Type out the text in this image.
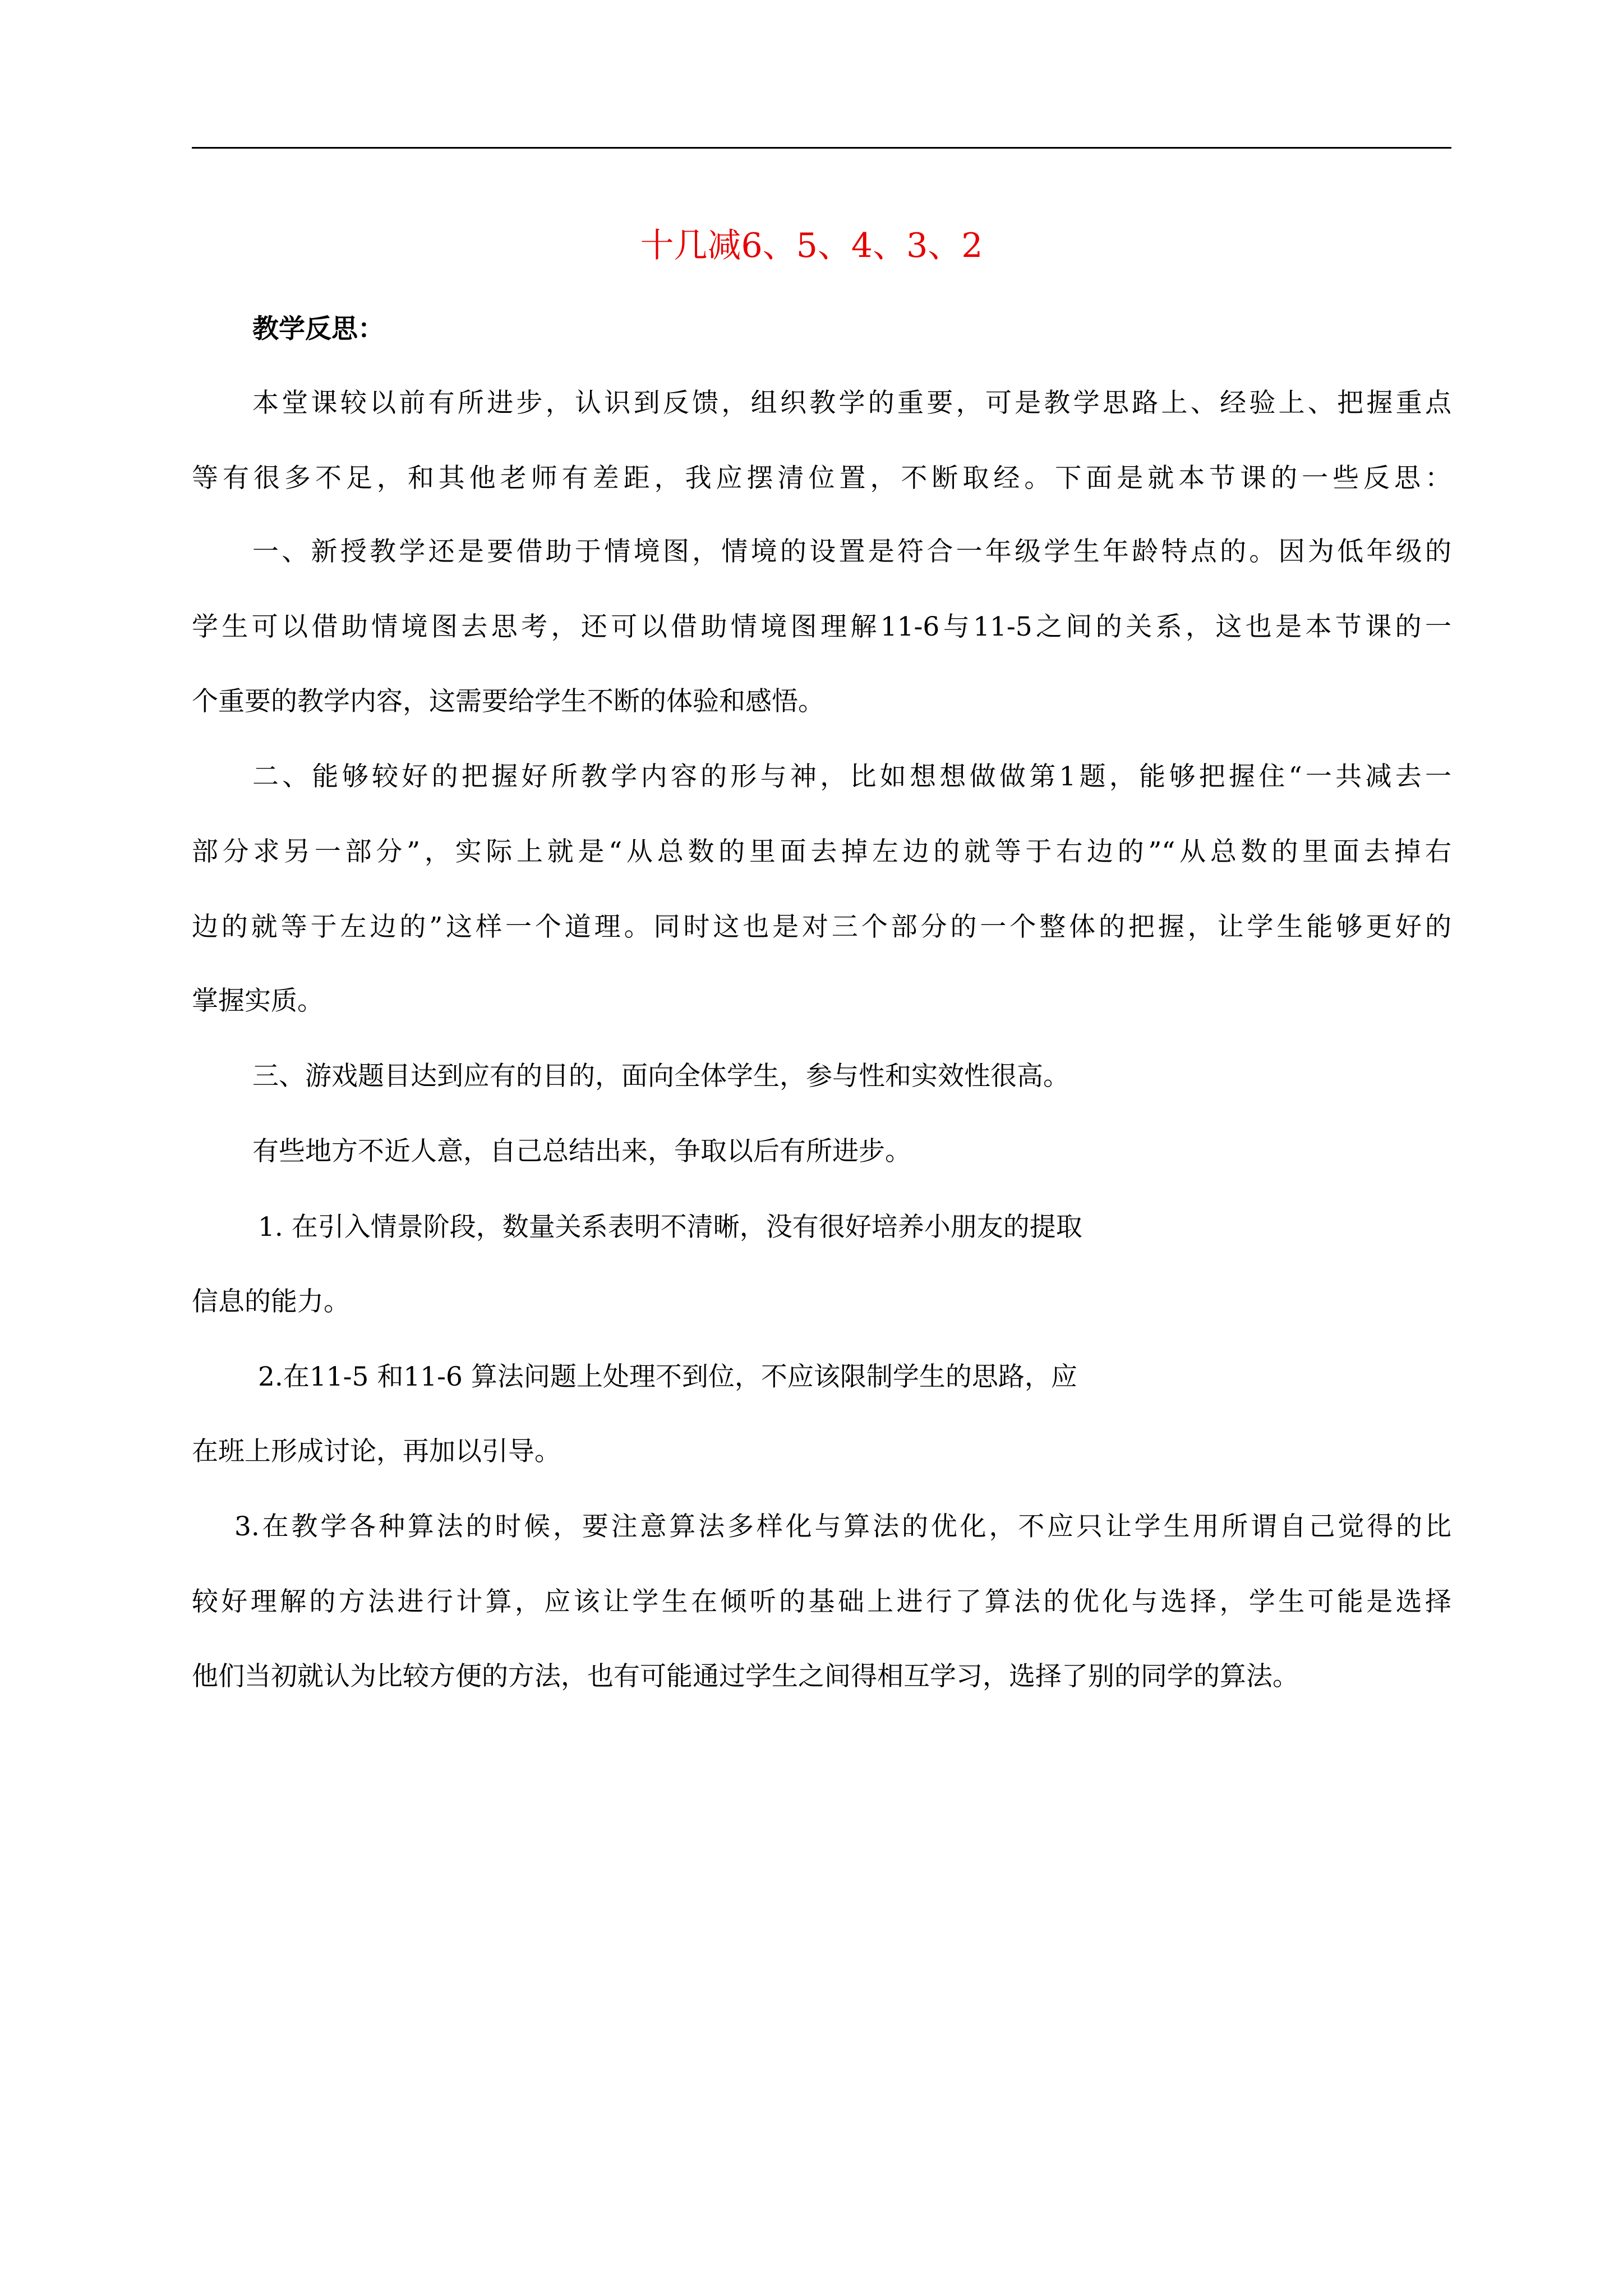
十几减6、5、4、3、2
教学反思：
本堂课较以前有所进步，认识到反馈，组织教学的重要，可是教学思路上、经验上、把握重点
等有很多不足，和其他老师有差距，我应摆清位置，不断取经。下面是就本节课的一些反思：
一、新授教学还是要借助于情境图，情境的设置是符合一年级学生年龄特点的。因为低年级的
学生可以借助情境图去思考，还可以借助情境图理解11-6与11-5之间的关系，这也是本节课的一
个重要的教学内容，这需要给学生不断的体验和感悟。
二、能够较好的把握好所教学内容的形与神，比如想想做做第1题，能够把握住“一共减去一
部分求另一部分”，实际上就是“从总数的里面去掉左边的就等于右边的”“从总数的里面去掉右
边的就等于左边的”这样一个道理。同时这也是对三个部分的一个整体的把握，让学生能够更好的
掌握实质。
三、游戏题目达到应有的目的，面向全体学生，参与性和实效性很高。
有些地方不近人意，自己总结出来，争取以后有所进步。
1. 在引入情景阶段，数量关系表明不清晰，没有很好培养小朋友的提取
信息的能力。
2.在11-5 和11-6 算法问题上处理不到位，不应该限制学生的思路，应
在班上形成讨论，再加以引导。
3.在教学各种算法的时候，要注意算法多样化与算法的优化，不应只让学生用所谓自己觉得的比
较好理解的方法进行计算，应该让学生在倾听的基础上进行了算法的优化与选择，学生可能是选择
他们当初就认为比较方便的方法，也有可能通过学生之间得相互学习，选择了别的同学的算法。
